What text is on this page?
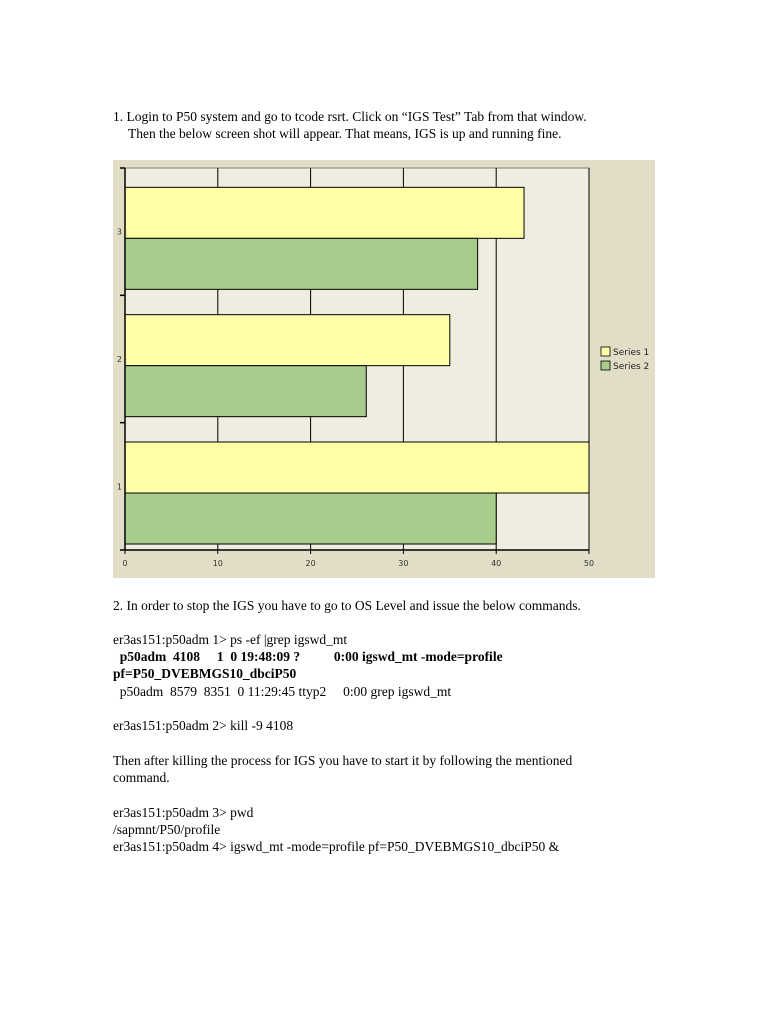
1. Login to P50 system and go to tcode rsrt. Click on “IGS Test” Tab from that window.
Then the below screen shot will appear. That means, IGS is up and running fine.
0	10	20	30	40	50
1
2
3
Series 1
Series 2
2. In order to stop the IGS you have to go to OS Level and issue the below commands.
er3as151:p50adm 1> ps -ef |grep igswd_mt
p50adm  4108     1  0 19:48:09 ?          0:00 igswd_mt -mode=profile
pf=P50_DVEBMGS10_dbciP50
p50adm  8579  8351  0 11:29:45 ttyp2     0:00 grep igswd_mt
er3as151:p50adm 2> kill -9 4108
Then after killing the process for IGS you have to start it by following the mentioned
command.
er3as151:p50adm 3> pwd
/sapmnt/P50/profile
er3as151:p50adm 4> igswd_mt -mode=profile pf=P50_DVEBMGS10_dbciP50 &
